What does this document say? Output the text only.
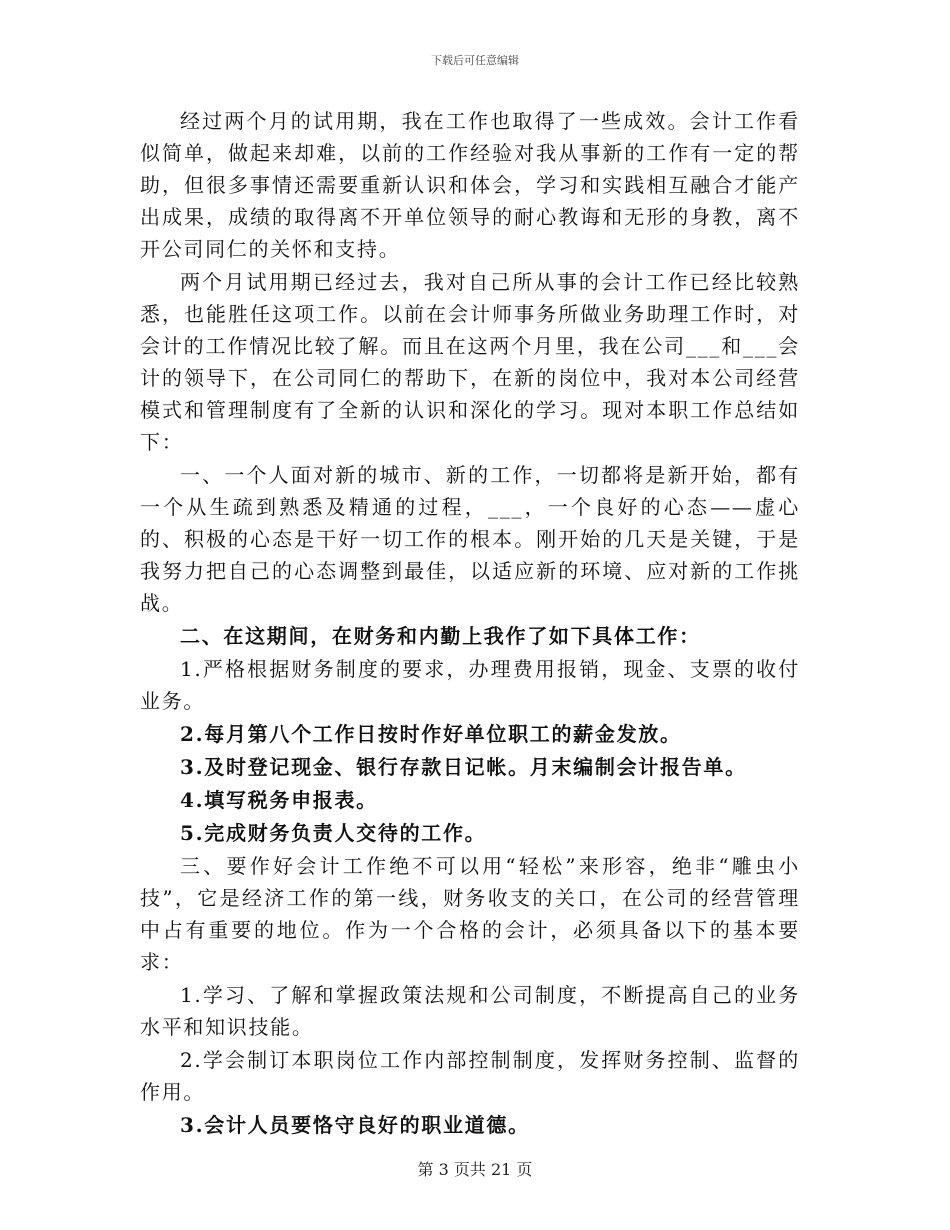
下载后可任意编辑

经过两个月的试用期，我在工作也取得了一些成效。会计工作看似简单，做起来却难，以前的工作经验对我从事新的工作有一定的帮助，但很多事情还需要重新认识和体会，学习和实践相互融合才能产出成果，成绩的取得离不开单位领导的耐心教诲和无形的身教，离不开公司同仁的关怀和支持。

两个月试用期已经过去，我对自己所从事的会计工作已经比较熟悉，也能胜任这项工作。以前在会计师事务所做业务助理工作时，对会计的工作情况比较了解。而且在这两个月里，我在公司___和___会计的领导下，在公司同仁的帮助下，在新的岗位中，我对本公司经营模式和管理制度有了全新的认识和深化的学习。现对本职工作总结如下：

一、一个人面对新的城市、新的工作，一切都将是新开始，都有一个从生疏到熟悉及精通的过程，___，一个良好的心态——虚心的、积极的心态是干好一切工作的根本。刚开始的几天是关键，于是我努力把自己的心态调整到最佳，以适应新的环境、应对新的工作挑战。

二、在这期间，在财务和内勤上我作了如下具体工作：

1.严格根据财务制度的要求，办理费用报销，现金、支票的收付业务。

2.每月第八个工作日按时作好单位职工的薪金发放。

3.及时登记现金、银行存款日记帐。月末编制会计报告单。

4.填写税务申报表。

5.完成财务负责人交待的工作。

三、要作好会计工作绝不可以用“轻松”来形容，绝非“雕虫小技”，它是经济工作的第一线，财务收支的关口，在公司的经营管理中占有重要的地位。作为一个合格的会计，必须具备以下的基本要求：

1.学习、了解和掌握政策法规和公司制度，不断提高自己的业务水平和知识技能。

2.学会制订本职岗位工作内部控制制度，发挥财务控制、监督的作用。

3.会计人员要恪守良好的职业道德。

第 3 页共 21 页
